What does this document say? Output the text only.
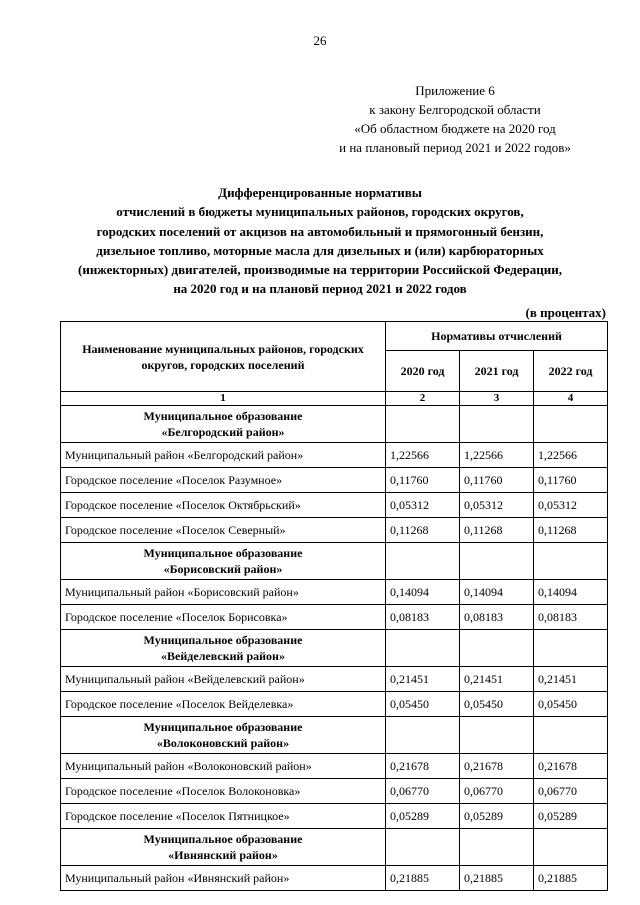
26
Приложение 6
к закону Белгородской области
«Об областном бюджете на 2020 год
и на плановый период 2021 и 2022 годов»
Дифференцированные нормативы
отчислений в бюджеты муниципальных районов, городских округов,
городских поселений от акцизов на автомобильный и прямогонный бензин,
дизельное топливо, моторные масла для дизельных и (или) карбюраторных
(инжекторных) двигателей, производимые на территории Российской Федерации,
на 2020 год и на плановй период 2021 и 2022 годов
(в процентах)
Наименование муниципальных районов, городских округов, городских поселений	Нормативы отчислений		
	2020 год	2021 год	2022 год
1	2	3	4

Муниципальное образование
«Белгородский район»			

Муниципальный район «Белгородский район»	1,22566	1,22566	1,22566
Городское поселение «Поселок Разумное»	0,11760	0,11760	0,11760
Городское поселение «Поселок Октябрьский»	0,05312	0,05312	0,05312
Городское поселение «Поселок Северный»	0,11268	0,11268	0,11268

Муниципальное образование
«Борисовский район»			

Муниципальный район «Борисовский район»	0,14094	0,14094	0,14094
Городское поселение «Поселок Борисовка»	0,08183	0,08183	0,08183

Муниципальное образование
«Вейделевский район»			

Муниципальный район «Вейделевский район»	0,21451	0,21451	0,21451
Городское поселение «Поселок Вейделевка»	0,05450	0,05450	0,05450

Муниципальное образование
«Волоконовский район»			

Муниципальный район «Волоконовский район»	0,21678	0,21678	0,21678
Городское поселение «Поселок Волоконовка»	0,06770	0,06770	0,06770
Городское поселение «Поселок Пятницкое»	0,05289	0,05289	0,05289

Муниципальное образование
«Ивнянский район»			

Муниципальный район «Ивнянский район»	0,21885	0,21885	0,21885
